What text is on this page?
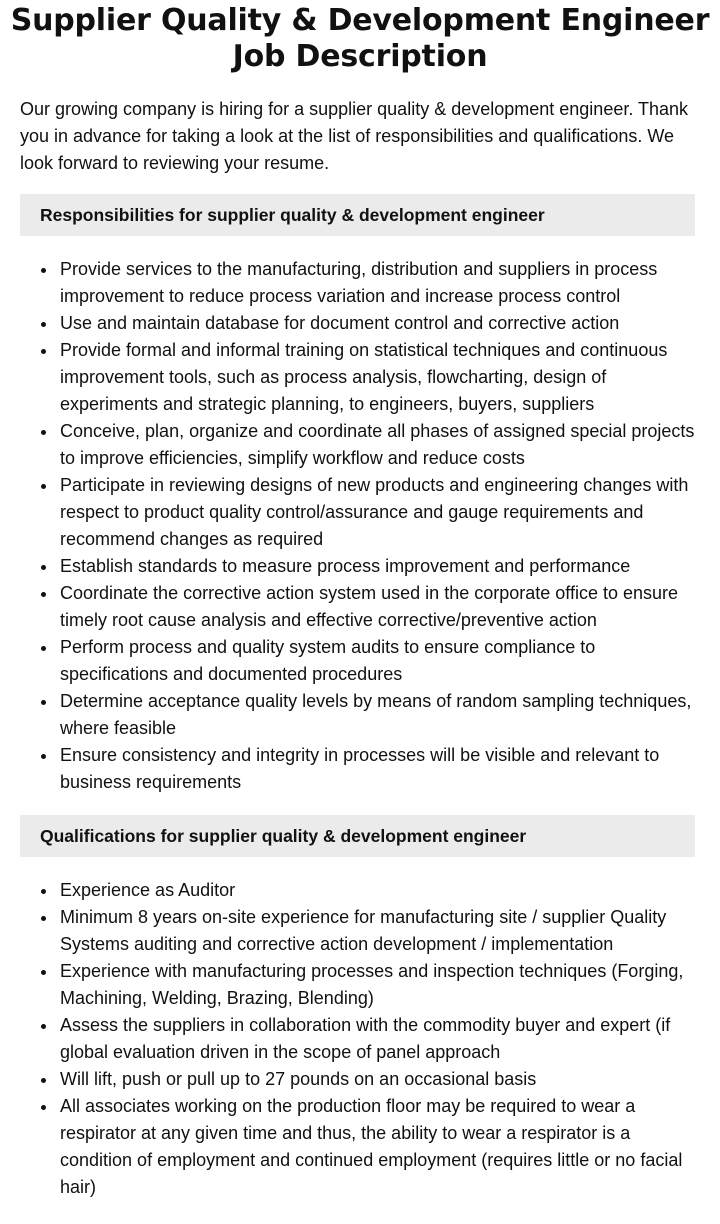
Supplier Quality & Development Engineer Job Description

Our growing company is hiring for a supplier quality & development engineer. Thank you in advance for taking a look at the list of responsibilities and qualifications. We look forward to reviewing your resume.

Responsibilities for supplier quality & development engineer
Provide services to the manufacturing, distribution and suppliers in process improvement to reduce process variation and increase process control
Use and maintain database for document control and corrective action
Provide formal and informal training on statistical techniques and continuous improvement tools, such as process analysis, flowcharting, design of experiments and strategic planning, to engineers, buyers, suppliers
Conceive, plan, organize and coordinate all phases of assigned special projects to improve efficiencies, simplify workflow and reduce costs
Participate in reviewing designs of new products and engineering changes with respect to product quality control/assurance and gauge requirements and recommend changes as required
Establish standards to measure process improvement and performance
Coordinate the corrective action system used in the corporate office to ensure timely root cause analysis and effective corrective/preventive action
Perform process and quality system audits to ensure compliance to specifications and documented procedures
Determine acceptance quality levels by means of random sampling techniques, where feasible
Ensure consistency and integrity in processes will be visible and relevant to business requirements
Qualifications for supplier quality & development engineer
Experience as Auditor
Minimum 8 years on-site experience for manufacturing site / supplier Quality Systems auditing and corrective action development / implementation
Experience with manufacturing processes and inspection techniques (Forging, Machining, Welding, Brazing, Blending)
Assess the suppliers in collaboration with the commodity buyer and expert (if global evaluation driven in the scope of panel approach
Will lift, push or pull up to 27 pounds on an occasional basis
All associates working on the production floor may be required to wear a respirator at any given time and thus, the ability to wear a respirator is a condition of employment and continued employment (requires little or no facial hair)
